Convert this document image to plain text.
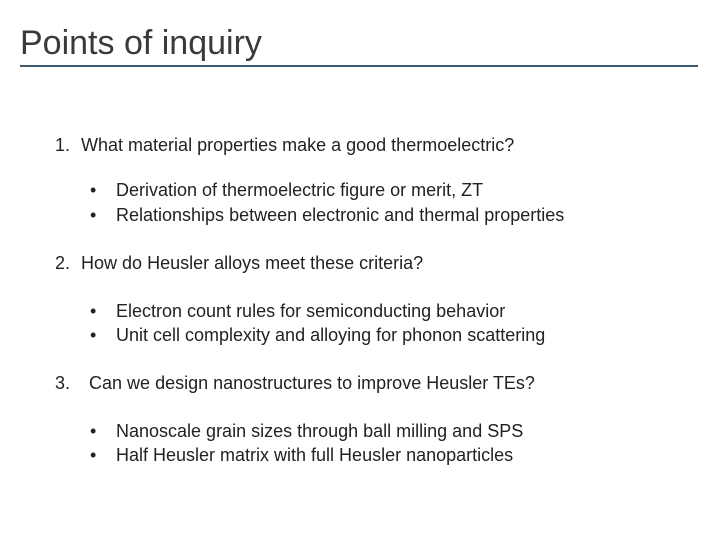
Points of inquiry
1. What material properties make a good thermoelectric?
• Derivation of thermoelectric figure or merit, ZT
• Relationships between electronic and thermal properties
2. How do Heusler alloys meet these criteria?
• Electron count rules for semiconducting behavior
• Unit cell complexity and alloying for phonon scattering
3. Can we design nanostructures to improve Heusler TEs?
• Nanoscale grain sizes through ball milling and SPS
• Half Heusler matrix with full Heusler nanoparticles
